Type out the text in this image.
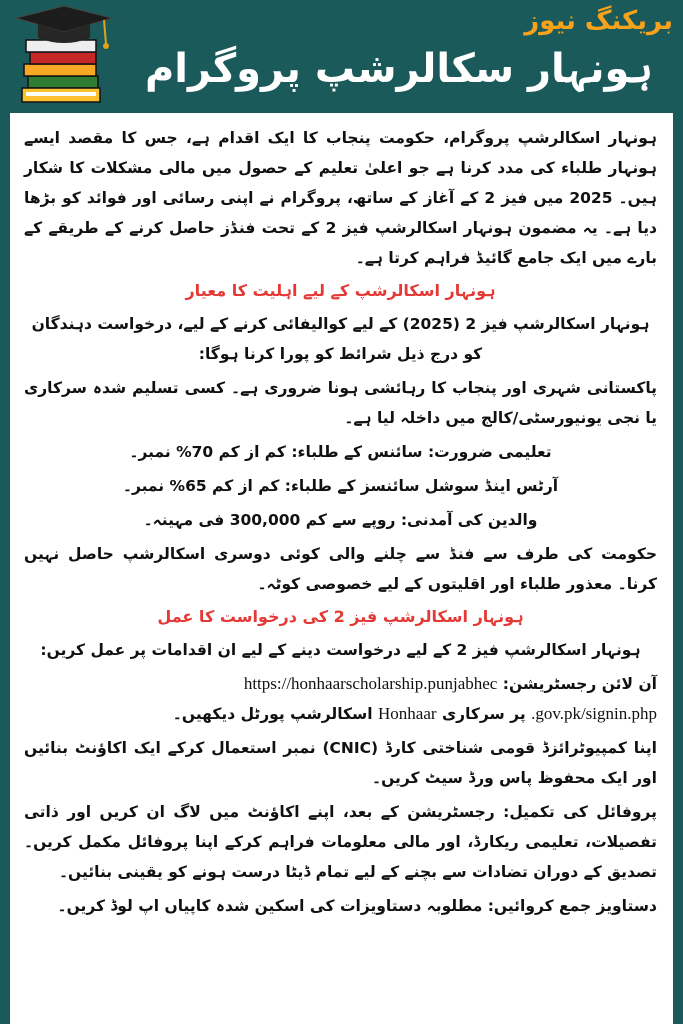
بریکنگ نیوز
ہونہار سکالرشپ پروگرام

ہونہار اسکالرشپ پروگرام، حکومت پنجاب کا ایک اقدام ہے، جس کا مقصد ایسے ہونہار طلباء کی مدد کرنا ہے جو اعلیٰ تعلیم کے حصول میں مالی مشکلات کا شکار ہیں۔ 2025 میں فیز 2 کے آغاز کے ساتھ، پروگرام نے اپنی رسائی اور فوائد کو بڑھا دیا ہے۔ یہ مضمون ہونہار اسکالرشپ فیز 2 کے تحت فنڈز حاصل کرنے کے طریقے کے بارے میں ایک جامع گائیڈ فراہم کرتا ہے۔

ہونہار اسکالرشپ کے لیے اہلیت کا معیار

ہونہار اسکالرشپ فیز 2 (2025) کے لیے کوالیفائی کرنے کے لیے، درخواست دہندگان کو درج ذیل شرائط کو پورا کرنا ہوگا:

پاکستانی شہری اور پنجاب کا رہائشی ہونا ضروری ہے۔ کسی تسلیم شدہ سرکاری یا نجی یونیورسٹی/کالج میں داخلہ لیا ہے۔

تعلیمی ضرورت: سائنس کے طلباء: کم از کم 70% نمبر۔

آرٹس اینڈ سوشل سائنسز کے طلباء: کم از کم 65% نمبر۔

والدین کی آمدنی: روپے سے کم 300,000 فی مہینہ۔

حکومت کی طرف سے فنڈ سے چلنے والی کوئی دوسری اسکالرشپ حاصل نہیں کرنا۔ معذور طلباء اور اقلیتوں کے لیے خصوصی کوٹہ۔

ہونہار اسکالرشپ فیز 2 کی درخواست کا عمل

ہونہار اسکالرشپ فیز 2 کے لیے درخواست دینے کے لیے ان اقدامات پر عمل کریں:

آن لائن رجسٹریشن: https://honhaarscholarship.punjabhec
.gov.pk/signin.php پر سرکاری Honhaar اسکالرشپ پورٹل دیکھیں۔

اپنا کمپیوٹرائزڈ قومی شناختی کارڈ (CNIC) نمبر استعمال کرکے ایک اکاؤنٹ بنائیں اور ایک محفوظ پاس ورڈ سیٹ کریں۔

پروفائل کی تکمیل: رجسٹریشن کے بعد، اپنے اکاؤنٹ میں لاگ ان کریں اور ذاتی تفصیلات، تعلیمی ریکارڈ، اور مالی معلومات فراہم کرکے اپنا پروفائل مکمل کریں۔ تصدیق کے دوران تضادات سے بچنے کے لیے تمام ڈیٹا درست ہونے کو یقینی بنائیں۔

دستاویز جمع کروائیں: مطلوبہ دستاویزات کی اسکین شدہ کاپیاں اپ لوڈ کریں۔
